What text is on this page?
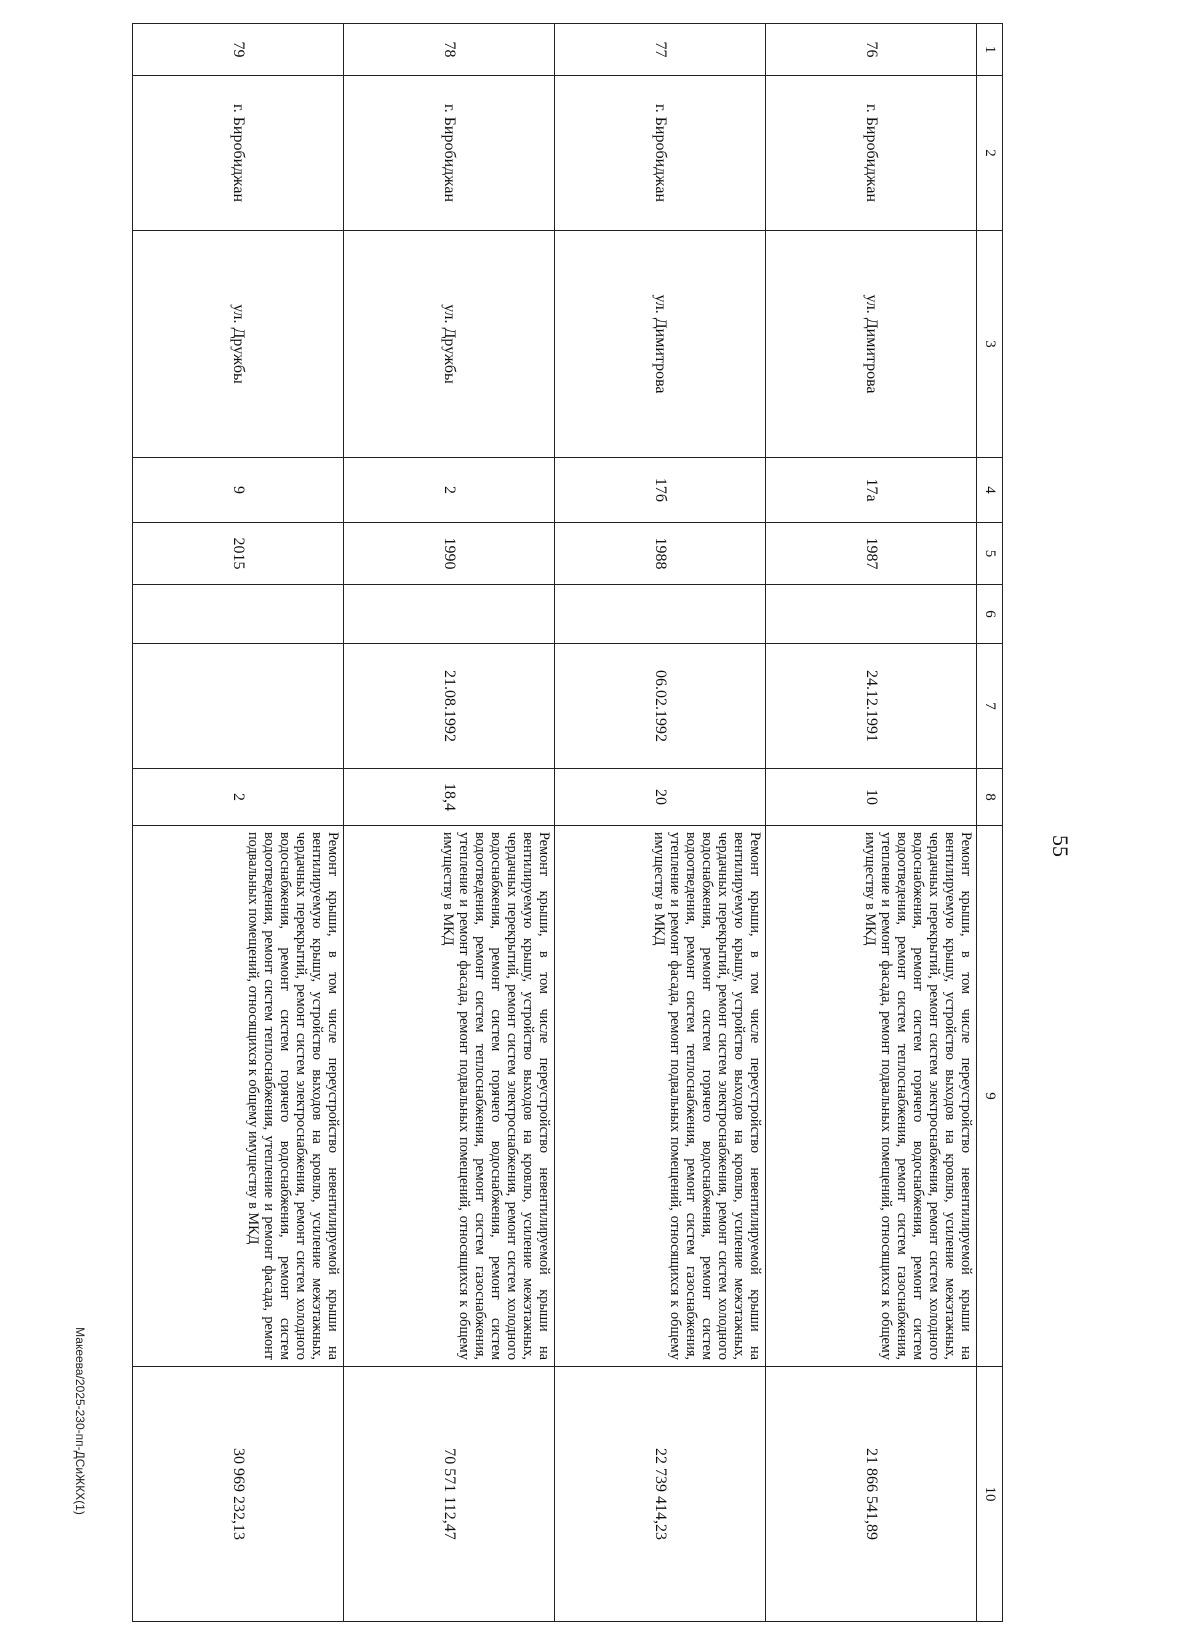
55
1	2	3	4	5	6	7	8	9	10
76	г. Биробиджан	ул. Димитрова	17а	1987		24.12.1991	10	Ремонт крыши, в том числе переустройство невентилируемой крыши на вентилируемую крышу, устройство выходов на кровлю, усиление межэтажных, чердачных перекрытий, ремонт систем электроснабжения, ремонт систем холодного водоснабжения, ремонт систем горячего водоснабжения, ремонт систем водоотведения, ремонт систем теплоснабжения, ремонт систем газоснабжения, утепление и ремонт фасада, ремонт подвальных помещений, относящихся к общему имуществу в МКД	21 866 541,89
77	г. Биробиджан	ул. Димитрова	17б	1988		06.02.1992	20	Ремонт крыши, в том числе переустройство невентилируемой крыши на вентилируемую крышу, устройство выходов на кровлю, усиление межэтажных, чердачных перекрытий, ремонт систем электроснабжения, ремонт систем холодного водоснабжения, ремонт систем горячего водоснабжения, ремонт систем водоотведения, ремонт систем теплоснабжения, ремонт систем газоснабжения, утепление и ремонт фасада, ремонт подвальных помещений, относящихся к общему имуществу в МКД	22 739 414,23
78	г. Биробиджан	ул. Дружбы	2	1990		21.08.1992	18,4	Ремонт крыши, в том числе переустройство невентилируемой крыши на вентилируемую крышу, устройство выходов на кровлю, усиление межэтажных, чердачных перекрытий, ремонт систем электроснабжения, ремонт систем холодного водоснабжения, ремонт систем горячего водоснабжения, ремонт систем водоотведения, ремонт систем теплоснабжения, ремонт систем газоснабжения, утепление и ремонт фасада, ремонт подвальных помещений, относящихся к общему имуществу в МКД	70 571 112,47
79	г. Биробиджан	ул. Дружбы	9	2015			2	Ремонт крыши, в том числе переустройство невентилируемой крыши на вентилируемую крышу, устройство выходов на кровлю, усиление межэтажных, чердачных перекрытий, ремонт систем электроснабжения, ремонт систем холодного водоснабжения, ремонт систем горячего водоснабжения, ремонт систем водоотведения, ремонт систем теплоснабжения, утепление и ремонт фасада, ремонт подвальных помещений, относящихся к общему имуществу в МКД	30 969 232,13
Макеева/2025-230-пп-ДСиЖКХ(1)
